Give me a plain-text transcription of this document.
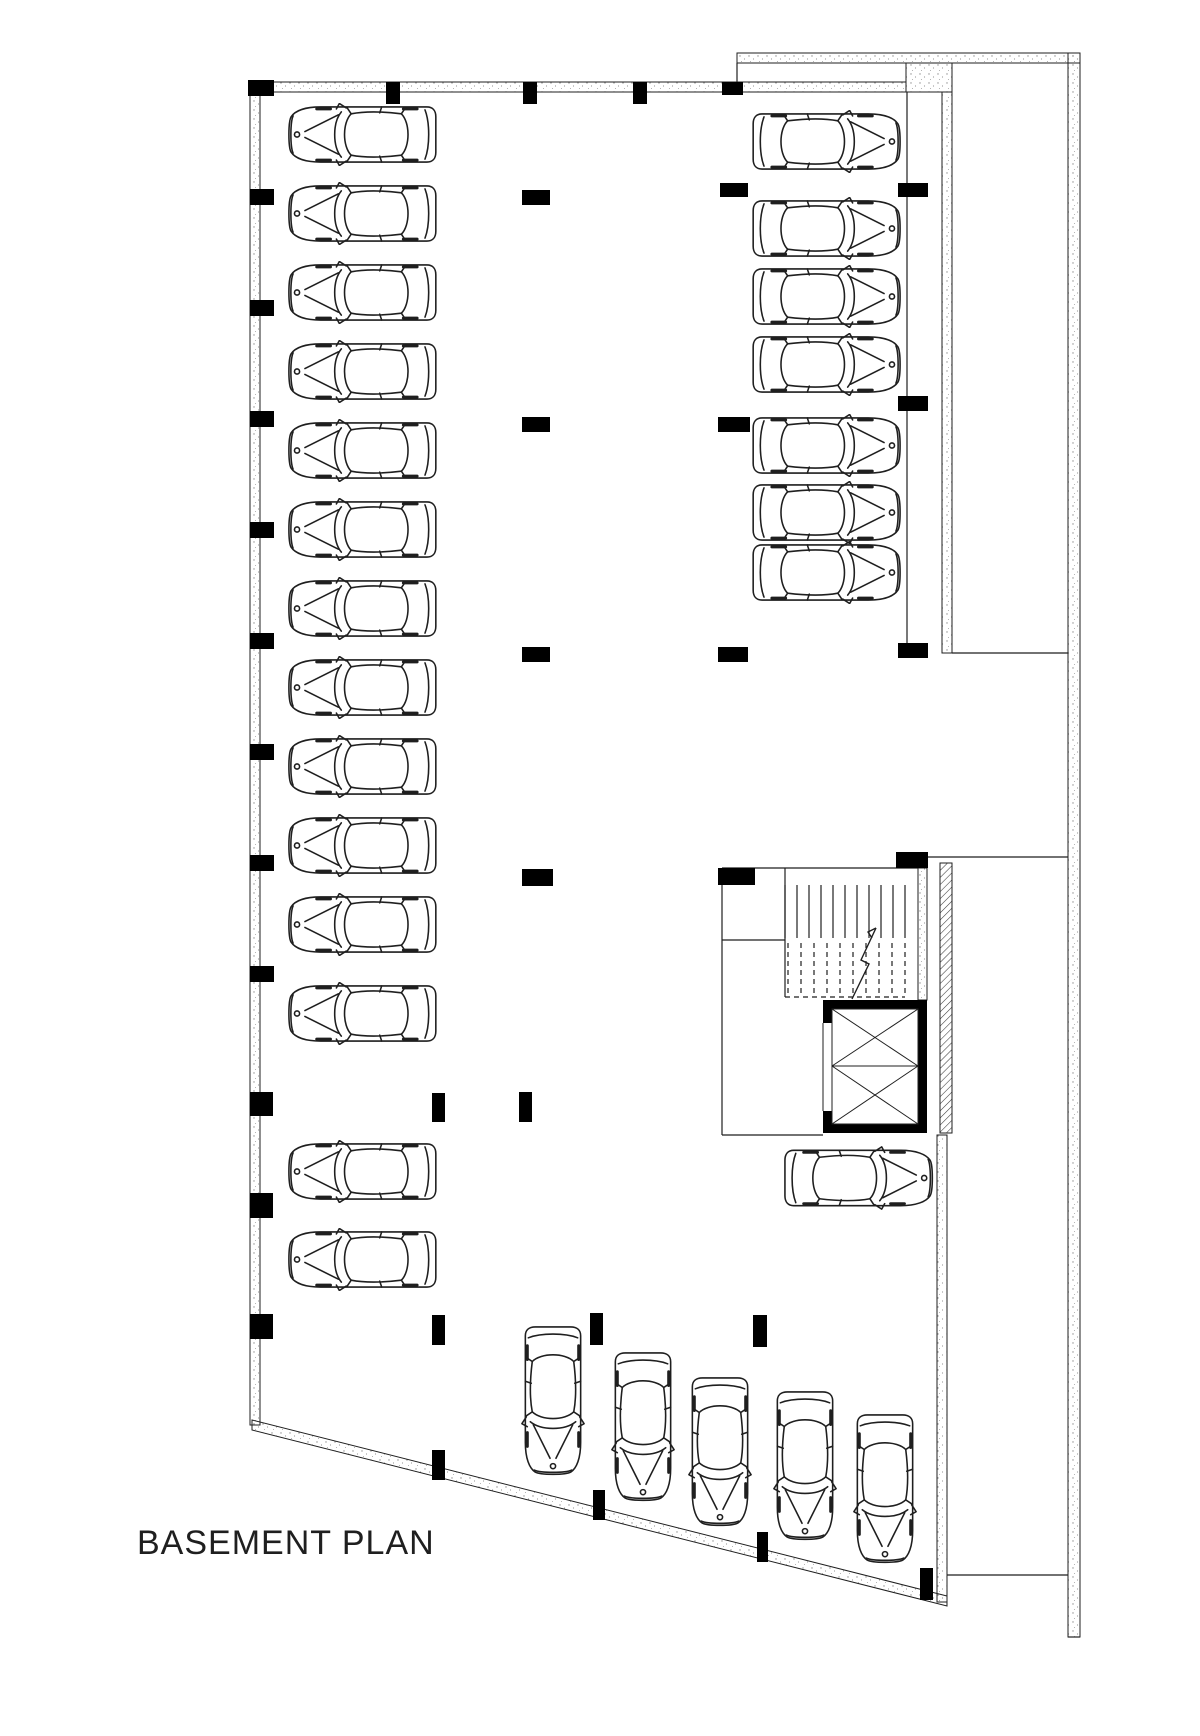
BASEMENT PLAN
